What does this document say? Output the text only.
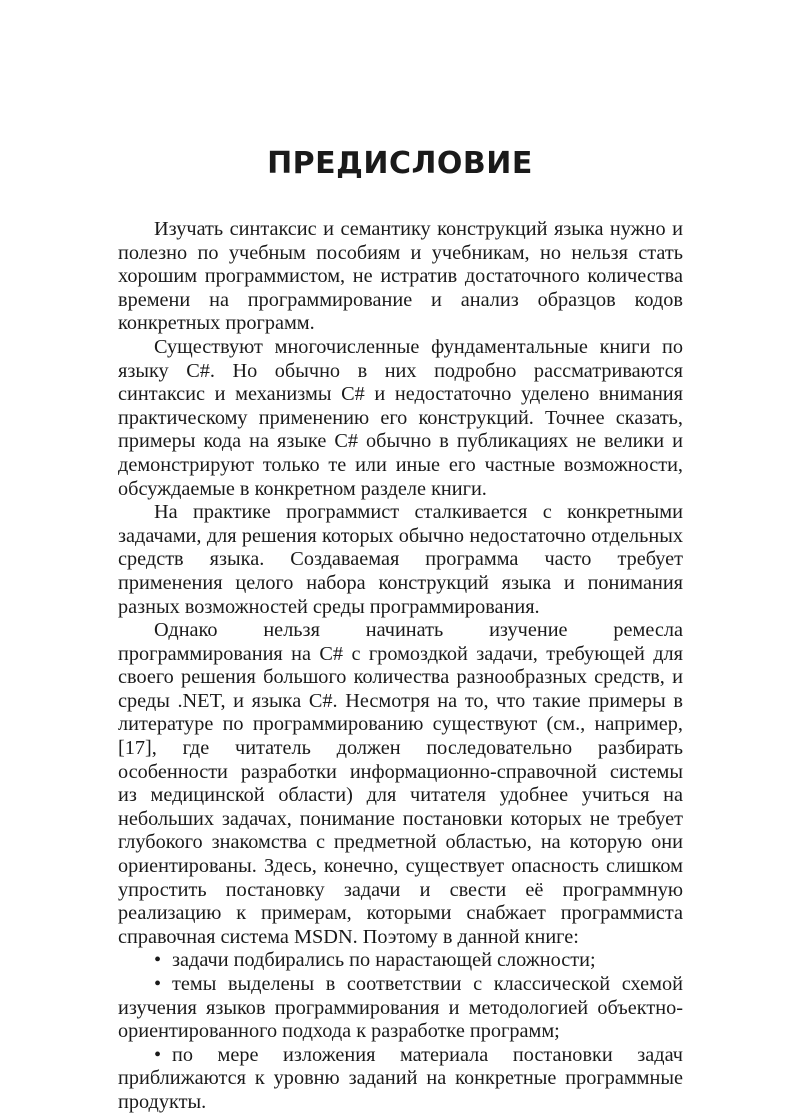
ПРЕДИСЛОВИЕ

Изучать синтаксис и семантику конструкций языка нужно и полезно по учебным пособиям и учебникам, но нельзя стать хорошим программистом, не истратив достаточного количества времени на программирование и анализ образцов кодов конкретных программ.

Существуют многочисленные фундаментальные книги по языку C#. Но обычно в них подробно рассматриваются синтаксис и механизмы C# и недостаточно уделено внимания практическому применению его конструкций. Точнее сказать, примеры кода на языке C# обычно в публикациях не велики и демонстрируют только те или иные его частные возможности, обсуждаемые в конкретном разделе книги.

На практике программист сталкивается с конкретными задачами, для решения которых обычно недостаточно отдельных средств языка. Создаваемая программа часто требует применения целого набора конструкций языка и понимания разных возможностей среды программирования.

Однако нельзя начинать изучение ремесла программирования на C# с громоздкой задачи, требующей для своего решения большого количества разнообразных средств, и среды .NET, и языка C#. Несмотря на то, что такие примеры в литературе по программированию существуют (см., например, [17], где читатель должен последовательно разбирать особенности разработки информационно-справочной системы из медицинской области) для читателя удобнее учиться на небольших задачах, понимание постановки которых не требует глубокого знакомства с предметной областью, на которую они ориентированы. Здесь, конечно, существует опасность слишком упростить постановку задачи и свести её программную реализацию к примерам, которыми снабжает программиста справочная система MSDN. Поэтому в данной книге:

• задачи подбирались по нарастающей сложности;

• темы выделены в соответствии с классической схемой изучения языков программирования и методологией объектно-ориентированного подхода к разработке программ;

• по мере изложения материала постановки задач приближаются к уровню заданий на конкретные программные продукты.
